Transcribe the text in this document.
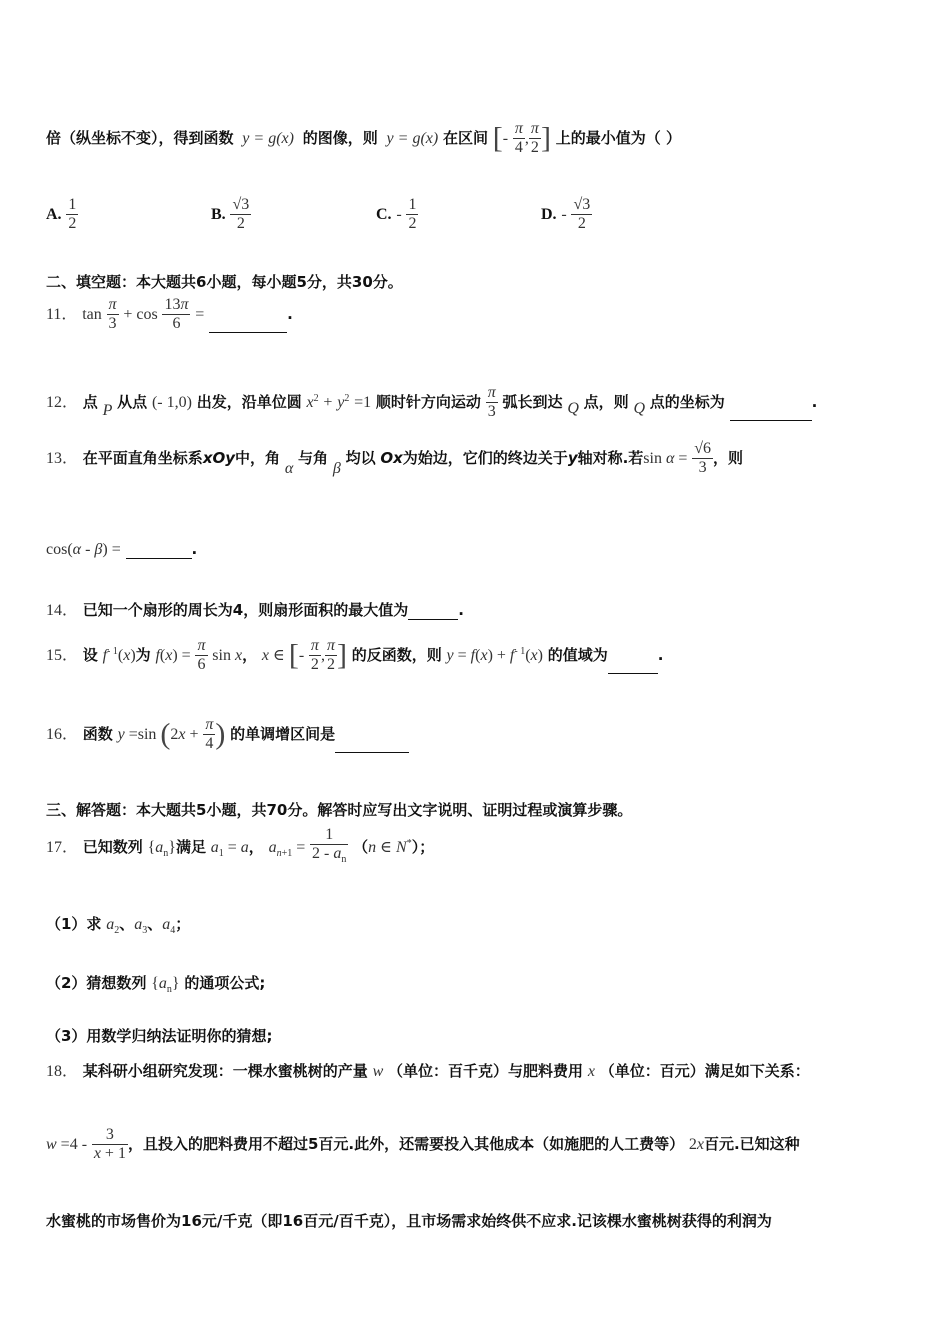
倍（纵坐标不变），得到函数  y = g(x) 的图像，则  y = g(x) 在区间 [- $\frac{\pi}{4}$ , $\frac{\pi}{2}$ ] 上的最小值为（ ）
A. $\frac{1}{2}$	B. $\frac{√3}{2}$	C. - $\frac{1}{2}$	D. - $\frac{√3}{2}$
二、填空题：本大题共6小题，每小题5分，共30分。
11． $\tan \frac{\pi}{3} + \cos \frac{13\pi}{6}$ =	.
12． 点 P 从点 (- 1,0) 出发，沿单位圆 $x^2 + y^2 =1$ 顺时针方向运动 $\frac{\pi}{3}$ 弧长到达 Q 点，则 Q 点的坐标为	.
13． 在平面直角坐标系xOy中，角 α 与角 β 均以 Ox为始边，它们的终边关于y轴对称.若$\sin \alpha = \frac{√6}{3}$ ，则
cos(α - β) =	.
14． 已知一个扇形的周长为4，则扇形面积的最大值为	.
15． 设 $f^{- 1}(x)$为 $f(x) = \frac{\pi}{6}$ sin x， x ∈ [- $\frac{\pi}{2}$ , $\frac{\pi}{2}$ ] 的反函数，则 $y = f(x) + f^{- 1}(x)$ 的值域为	.
16． 函数 y =sin ($2x + \frac{\pi}{4}$ ) 的单调增区间是
三、解答题：本大题共5小题，共70分。解答时应写出文字说明、证明过程或演算步骤。
17． 已知数列 $\{a_n\}$满足 $a_1 = a$， $a_{n+1} = \frac{1}{2 - a_n} (n$ ∈ N*）；
（1）求 $a_2$、$a_3$、$a_4$；
（2）猜想数列 $\{a_n\}$ 的通项公式;
（3）用数学归纳法证明你的猜想;
18． 某科研小组研究发现：一棵水蜜桃树的产量 w （单位：百千克）与肥料费用 x （单位：百元）满足如下关系：
$w =4 - \frac{3}{x + 1}$ ，且投入的肥料费用不超过5百元.此外，还需要投入其他成本（如施肥的人工费等） 2x百元.已知这种
水蜜桃的市场售价为16元/千克（即16百元/百千克），且市场需求始终供不应求.记该棵水蜜桃树获得的利润为
